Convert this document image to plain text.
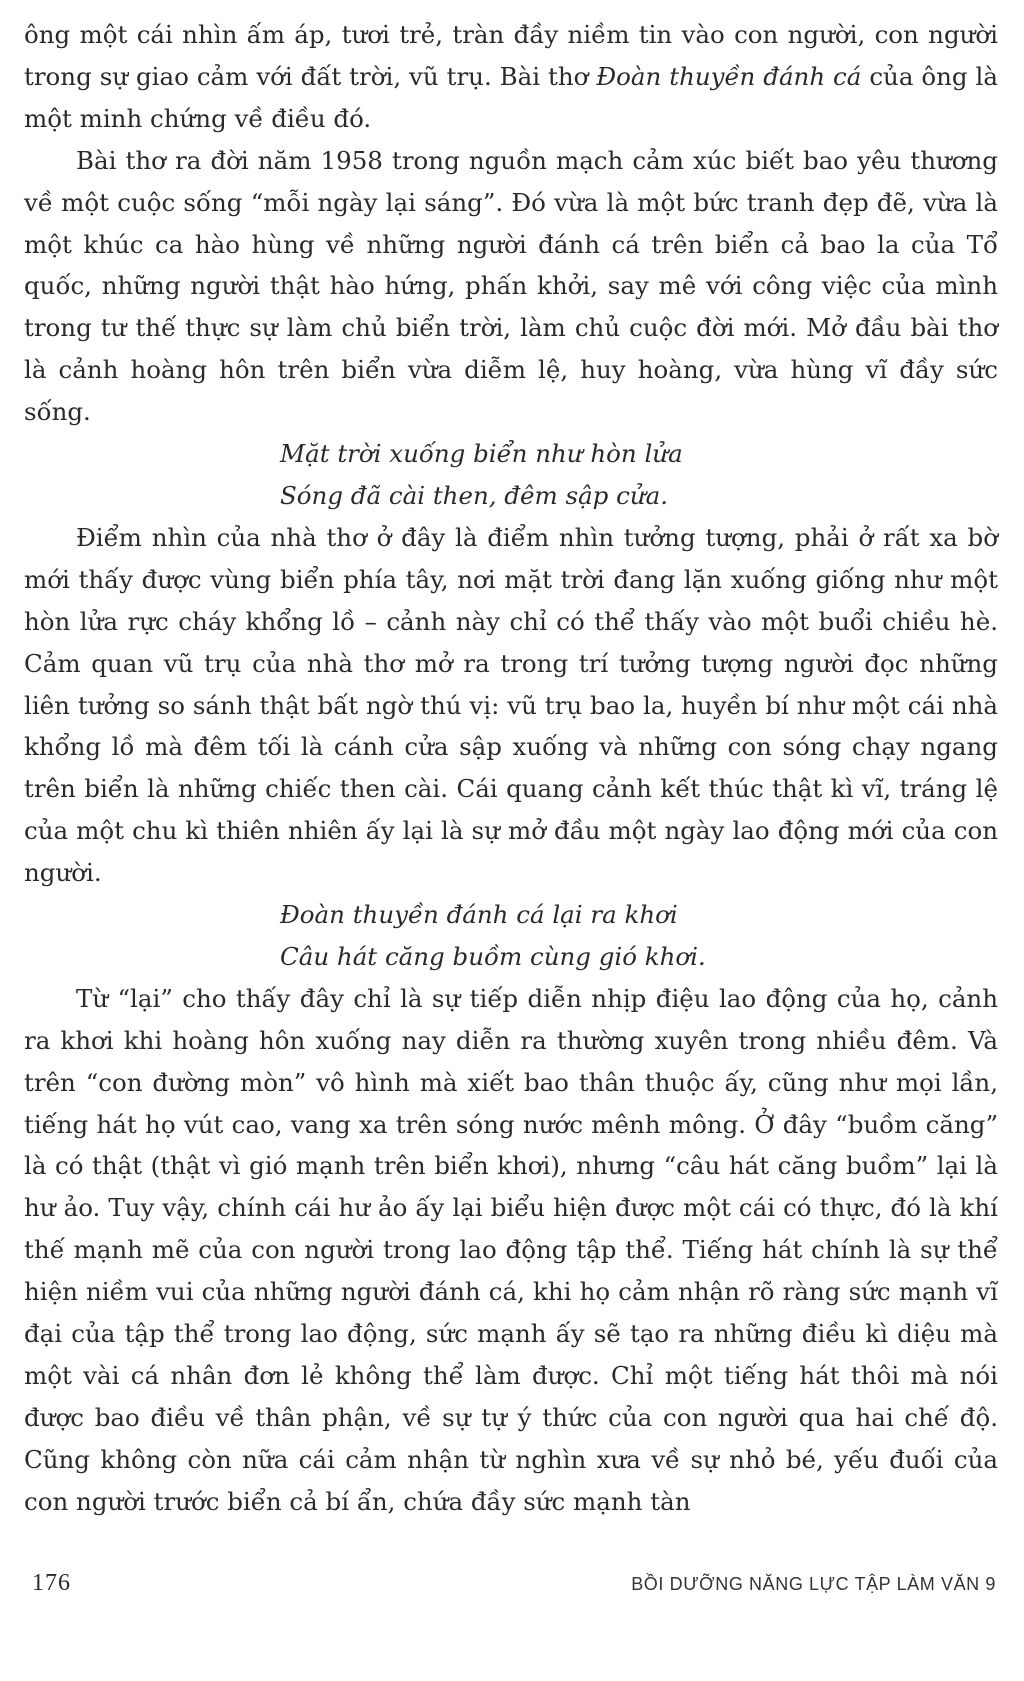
ông một cái nhìn ấm áp, tươi trẻ, tràn đầy niềm tin vào con người, con người trong sự giao cảm với đất trời, vũ trụ. Bài thơ Đoàn thuyền đánh cá của ông là một minh chứng về điều đó.

Bài thơ ra đời năm 1958 trong nguồn mạch cảm xúc biết bao yêu thương về một cuộc sống “mỗi ngày lại sáng”. Đó vừa là một bức tranh đẹp đẽ, vừa là một khúc ca hào hùng về những người đánh cá trên biển cả bao la của Tổ quốc, những người thật hào hứng, phấn khởi, say mê với công việc của mình trong tư thế thực sự làm chủ biển trời, làm chủ cuộc đời mới. Mở đầu bài thơ là cảnh hoàng hôn trên biển vừa diễm lệ, huy hoàng, vừa hùng vĩ đầy sức sống.

Mặt trời xuống biển như hòn lửa
Sóng đã cài then, đêm sập cửa.

Điểm nhìn của nhà thơ ở đây là điểm nhìn tưởng tượng, phải ở rất xa bờ mới thấy được vùng biển phía tây, nơi mặt trời đang lặn xuống giống như một hòn lửa rực cháy khổng lồ – cảnh này chỉ có thể thấy vào một buổi chiều hè. Cảm quan vũ trụ của nhà thơ mở ra trong trí tưởng tượng người đọc những liên tưởng so sánh thật bất ngờ thú vị: vũ trụ bao la, huyền bí như một cái nhà khổng lồ mà đêm tối là cánh cửa sập xuống và những con sóng chạy ngang trên biển là những chiếc then cài. Cái quang cảnh kết thúc thật kì vĩ, tráng lệ của một chu kì thiên nhiên ấy lại là sự mở đầu một ngày lao động mới của con người.

Đoàn thuyền đánh cá lại ra khơi
Câu hát căng buồm cùng gió khơi.

Từ “lại” cho thấy đây chỉ là sự tiếp diễn nhịp điệu lao động của họ, cảnh ra khơi khi hoàng hôn xuống nay diễn ra thường xuyên trong nhiều đêm. Và trên “con đường mòn” vô hình mà xiết bao thân thuộc ấy, cũng như mọi lần, tiếng hát họ vút cao, vang xa trên sóng nước mênh mông. Ở đây “buồm căng” là có thật (thật vì gió mạnh trên biển khơi), nhưng “câu hát căng buồm” lại là hư ảo. Tuy vậy, chính cái hư ảo ấy lại biểu hiện được một cái có thực, đó là khí thế mạnh mẽ của con người trong lao động tập thể. Tiếng hát chính là sự thể hiện niềm vui của những người đánh cá, khi họ cảm nhận rõ ràng sức mạnh vĩ đại của tập thể trong lao động, sức mạnh ấy sẽ tạo ra những điều kì diệu mà một vài cá nhân đơn lẻ không thể làm được. Chỉ một tiếng hát thôi mà nói được bao điều về thân phận, về sự tự ý thức của con người qua hai chế độ. Cũng không còn nữa cái cảm nhận từ nghìn xưa về sự nhỏ bé, yếu đuối của con người trước biển cả bí ẩn, chứa đầy sức mạnh tàn

176	BỒI DƯỠNG NĂNG LỰC TẬP LÀM VĂN 9
